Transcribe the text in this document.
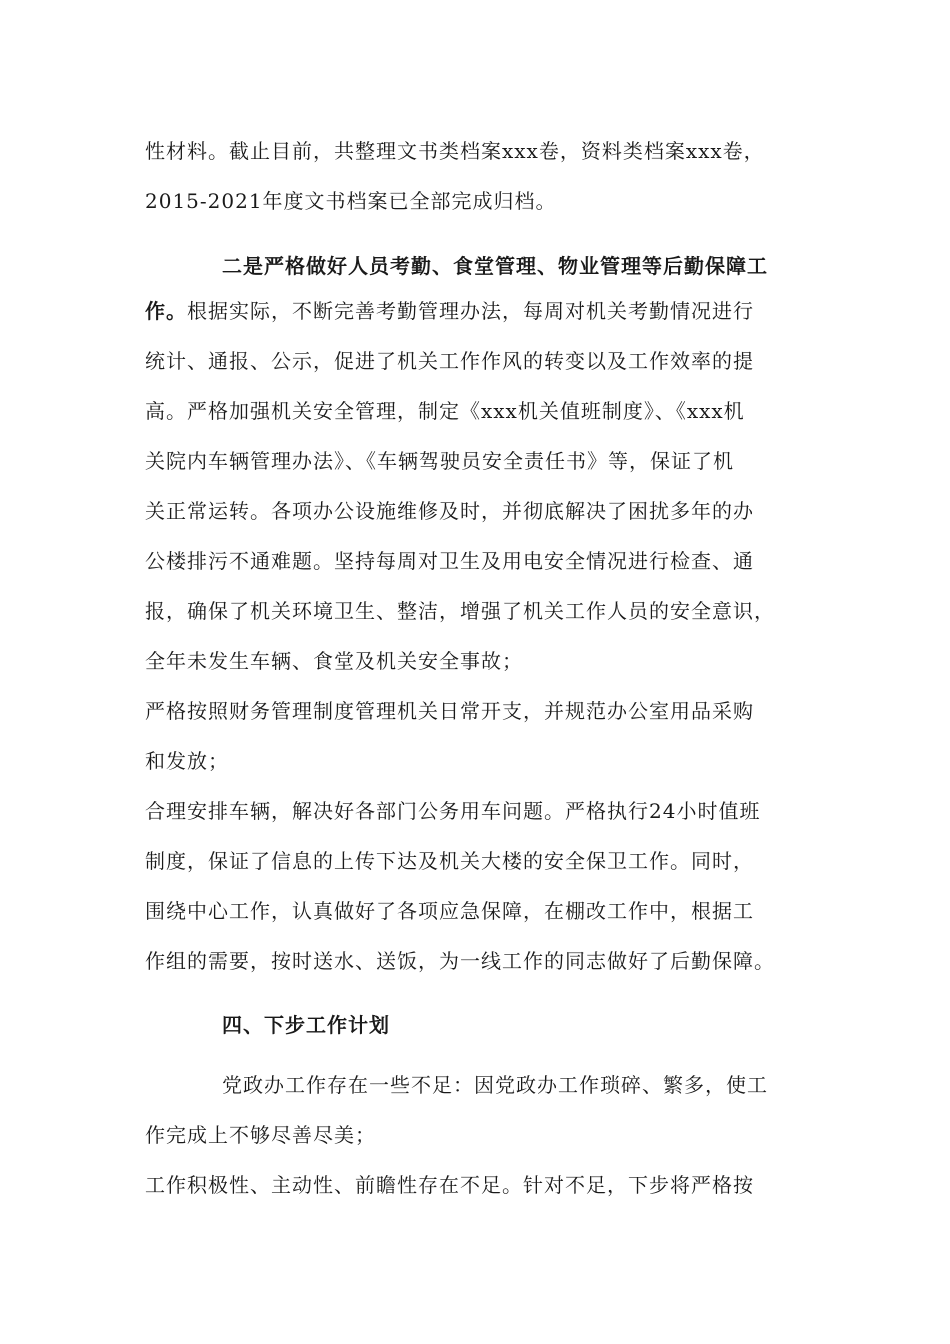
性材料。截止目前，共整理文书类档案xxx卷，资料类档案xxx卷，
2015-2021年度文书档案已全部完成归档。
二是严格做好人员考勤、食堂管理、物业管理等后勤保障工
作。根据实际，不断完善考勤管理办法，每周对机关考勤情况进行
统计、通报、公示，促进了机关工作作风的转变以及工作效率的提
高。严格加强机关安全管理，制定《xxx机关值班制度》、《xxx机
关院内车辆管理办法》、《车辆驾驶员安全责任书》等，保证了机
关正常运转。各项办公设施维修及时，并彻底解决了困扰多年的办
公楼排污不通难题。坚持每周对卫生及用电安全情况进行检查、通
报，确保了机关环境卫生、整洁，增强了机关工作人员的安全意识，
全年未发生车辆、食堂及机关安全事故；
严格按照财务管理制度管理机关日常开支，并规范办公室用品采购
和发放；
合理安排车辆，解决好各部门公务用车问题。严格执行24小时值班
制度，保证了信息的上传下达及机关大楼的安全保卫工作。同时，
围绕中心工作，认真做好了各项应急保障，在棚改工作中，根据工
作组的需要，按时送水、送饭，为一线工作的同志做好了后勤保障。
四、下步工作计划
党政办工作存在一些不足：因党政办工作琐碎、繁多，使工
作完成上不够尽善尽美；
工作积极性、主动性、前瞻性存在不足。针对不足，下步将严格按
